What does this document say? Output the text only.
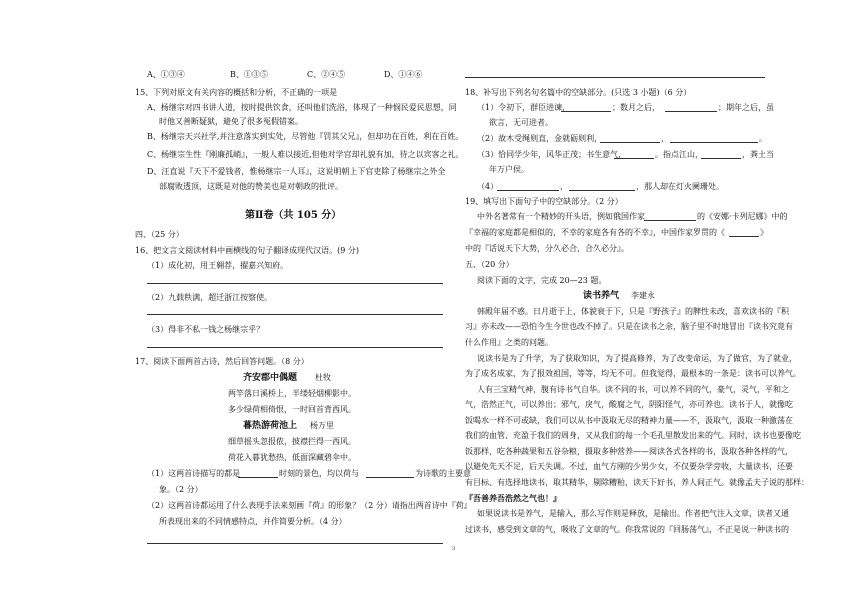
A、①③④	B、①③⑤	C、②④⑤	D、①④⑥
15、下列对原文有关内容的概括和分析，不正确的一项是
A、杨继宗对四书讲人道，按时提供饮食，还叫他们洗浴，体现了一种悯民爱民思想，同
时他又善断疑狱，避免了很多冤假错案。
B、杨继宗天兴社学,并注意落实到实处，尽管他『罚其父兄』，但却功在百姓，利在百姓。
C、杨继宗生性『刚廉孤峭』，一般人难以接近,但他对学官却礼貌有加，待之以宾客之礼。
D、汪直说『天下不爱钱者，惟杨继宗一人耳』，这说明朝上下官吏除了杨继宗之外全
部腐败透顶，这既是对他的赞美也是对朝政的批评。
第Ⅱ卷（共 105 分）
四、（25 分）
16、把文言文阅读材料中画横线的句子翻译成现代汉语。(9 分)
（1）成化初，用王翱荐，擢嘉兴知府。
（2）九载秩满，超迁浙江按察使。
（3）得非不私一钱之杨继宗乎？
17、阅读下面两首古诗，然后回答问题。（8 分）
齐安郡中偶题 杜牧
两竿落日溪桥上，半缕轻烟柳影中。
多少绿荷相倚恨，一时回首背西风。
暮热游荷池上 杨万里
细草摇头忽报侬，披襟拦得一西风。
荷花入暮犹愁热，低面深藏碧伞中。
（1）这两首诗描写的都是	时刻的景色，均以荷与	为诗歌的主要意
象。（2 分）
（2）这两首诗都运用了什么表现手法来刻画『荷』的形象？（2 分）请指出两首诗中『荷』
所表现出来的不同情感特点，并作简要分析。（4 分）
18、补写出下列名句名篇中的空缺部分。(只选 3 小题)（6 分）
（1）令初下，群臣进谏，	；数月之后，	；期年之后，虽
欲言，无可进者。
（2）故木受绳则直，金就砺则利，	，	。
（3）恰同学少年，风华正茂；书生意气，	。指点江山，	，粪土当
年万户侯。
（4）	，	，那人却在灯火阑珊处。
19、填写出下面句子中的空缺部分。（2 分）
中外名著常有一个精妙的开头语，例如俄国作家	的《安娜·卡列尼娜》中的
『幸福的家庭都是相似的，不幸的家庭各有各的不幸』，中国作家罗贯的《	》
中的『话说天下大势，分久必合，合久必分』。
五、（20 分）
阅读下面的文字，完成 20—23 题。
读书养气 李建永
韩殿年届不惑。日月逝于上，体貌衰于下，只是『野孩子』的脾性未改，喜欢读书的『积
习』亦未改——恐怕今生今世也改不掉了。只是在读书之余，脑子里不时地冒出『读书究竟有
什么作用』之类的问题。
说读书是为了升学，为了获取知识，为了提高修养，为了改变命运，为了做官，为了就业，
为了成名成家，为了报效祖国，等等，均无不可。但我觉得，最根本的一条是：读书可以养气。
人有三宝精气神，腹有诗书气自华。读不同的书，可以养不同的气，豪气，灵气，平和之
气，浩然正气，可以养出；邪气，戾气，酸腐之气，阴阳怪气，亦可养也。读书于人，就像吃
饭喝水一样不可或缺，我们可以从书中汲取无尽的精神力量——不，汲取气，汲取一种激荡在
我们的血管、充盈于我们的周身，又从我们的每一个毛孔里散发出来的气。同时，读书也要像吃
饭那样，吃各种蔬果和五谷杂粮，摄取多种营养——阅读各式各样的书，汲取各种各样的气，
以避免先天不足，后天失调。不过，血气方刚的少男少女，不仅要杂学旁收，大量读书，还要
有目标、有选择地读书，取其精华，剔除糟粕，读天下好书，养人间正气。就像孟夫子说的那样：
『吾善养吾浩然之气也！』
如果说读书是养气，是输入，那么写作则是释放，是输出。作者把气注入文章，读者又通
过读书，感受到文章的气，吸收了文章的气。你我常说的『回肠荡气』，不正是说一种读书的
3
